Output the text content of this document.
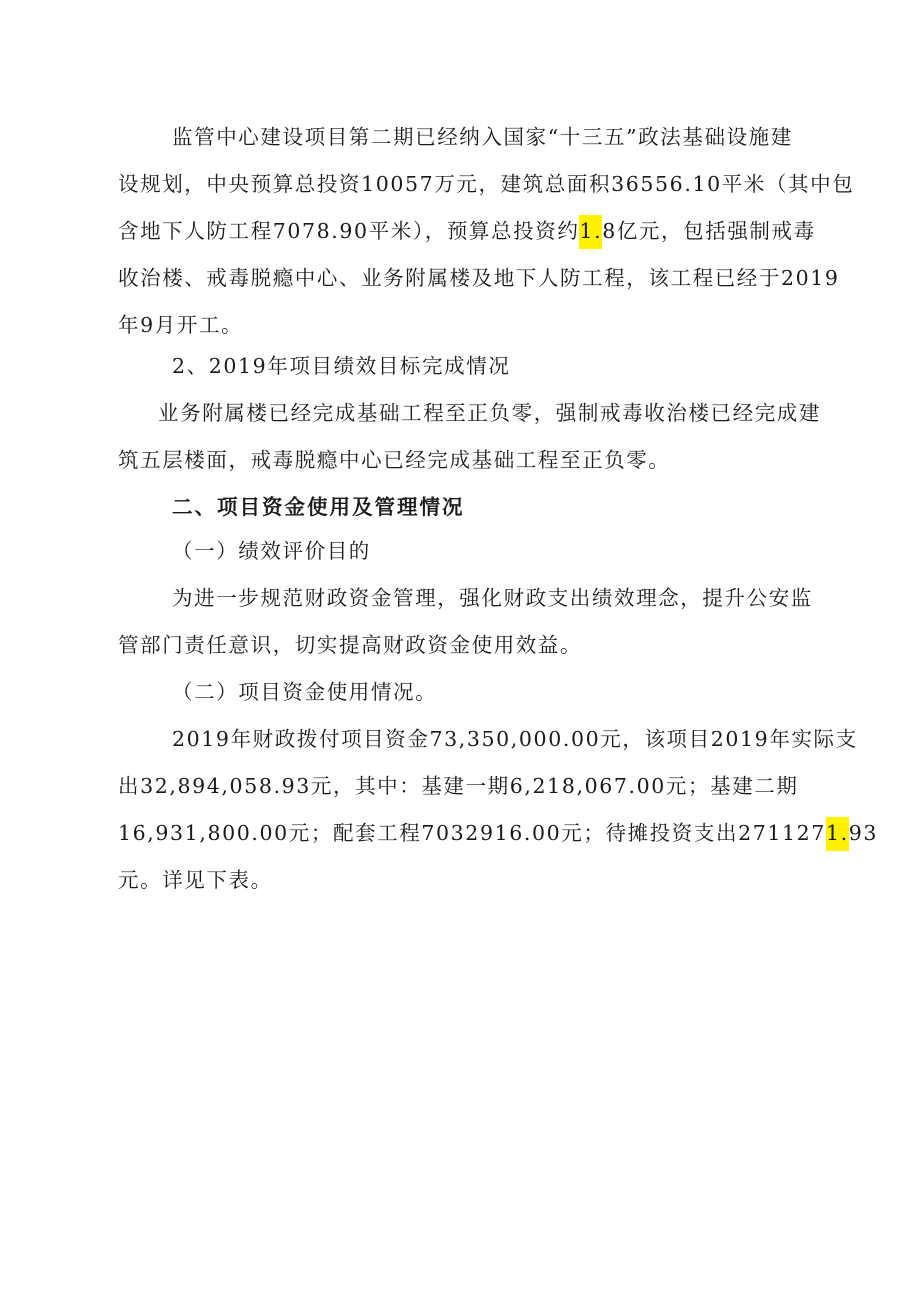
监管中心建设项目第二期已经纳入国家“十三五”政法基础设施建
设规划，中央预算总投资10057万元，建筑总面积36556.10平米（其中包
含地下人防工程7078.90平米），预算总投资约1.8亿元，包括强制戒毒
收治楼、戒毒脱瘾中心、业务附属楼及地下人防工程，该工程已经于2019
年9月开工。
2、2019年项目绩效目标完成情况
业务附属楼已经完成基础工程至正负零，强制戒毒收治楼已经完成建
筑五层楼面，戒毒脱瘾中心已经完成基础工程至正负零。
二、项目资金使用及管理情况
（一）绩效评价目的
为进一步规范财政资金管理，强化财政支出绩效理念，提升公安监
管部门责任意识，切实提高财政资金使用效益。
（二）项目资金使用情况。
2019年财政拨付项目资金73,350,000.00元，该项目2019年实际支
出32,894,058.93元，其中：基建一期6,218,067.00元；基建二期
16,931,800.00元；配套工程7032916.00元；待摊投资支出2711271.93
元。详见下表。
